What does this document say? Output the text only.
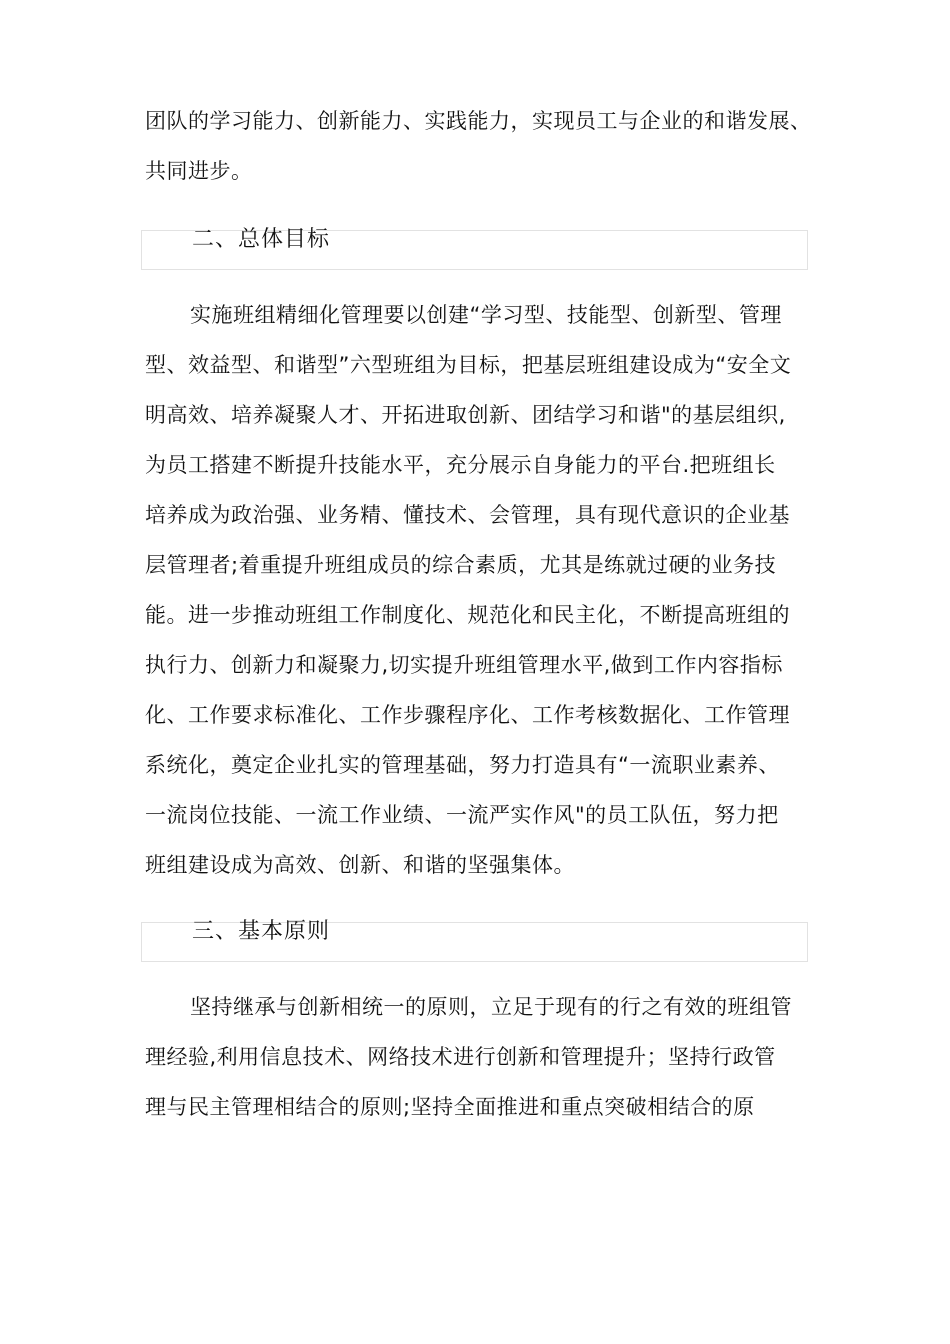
团队的学习能力、创新能力、实践能力，实现员工与企业的和谐发展、
共同进步。
二、总体目标
实施班组精细化管理要以创建“学习型、技能型、创新型、管理
型、效益型、和谐型”六型班组为目标，把基层班组建设成为“安全文
明高效、培养凝聚人才、开拓进取创新、团结学习和谐"的基层组织,
为员工搭建不断提升技能水平，充分展示自身能力的平台.把班组长
培养成为政治强、业务精、懂技术、会管理，具有现代意识的企业基
层管理者;着重提升班组成员的综合素质，尤其是练就过硬的业务技
能。进一步推动班组工作制度化、规范化和民主化，不断提高班组的
执行力、创新力和凝聚力,切实提升班组管理水平,做到工作内容指标
化、工作要求标准化、工作步骤程序化、工作考核数据化、工作管理
系统化，奠定企业扎实的管理基础，努力打造具有“一流职业素养、
一流岗位技能、一流工作业绩、一流严实作风"的员工队伍，努力把
班组建设成为高效、创新、和谐的坚强集体。
三、基本原则
坚持继承与创新相统一的原则，立足于现有的行之有效的班组管
理经验,利用信息技术、网络技术进行创新和管理提升；坚持行政管
理与民主管理相结合的原则;坚持全面推进和重点突破相结合的原
